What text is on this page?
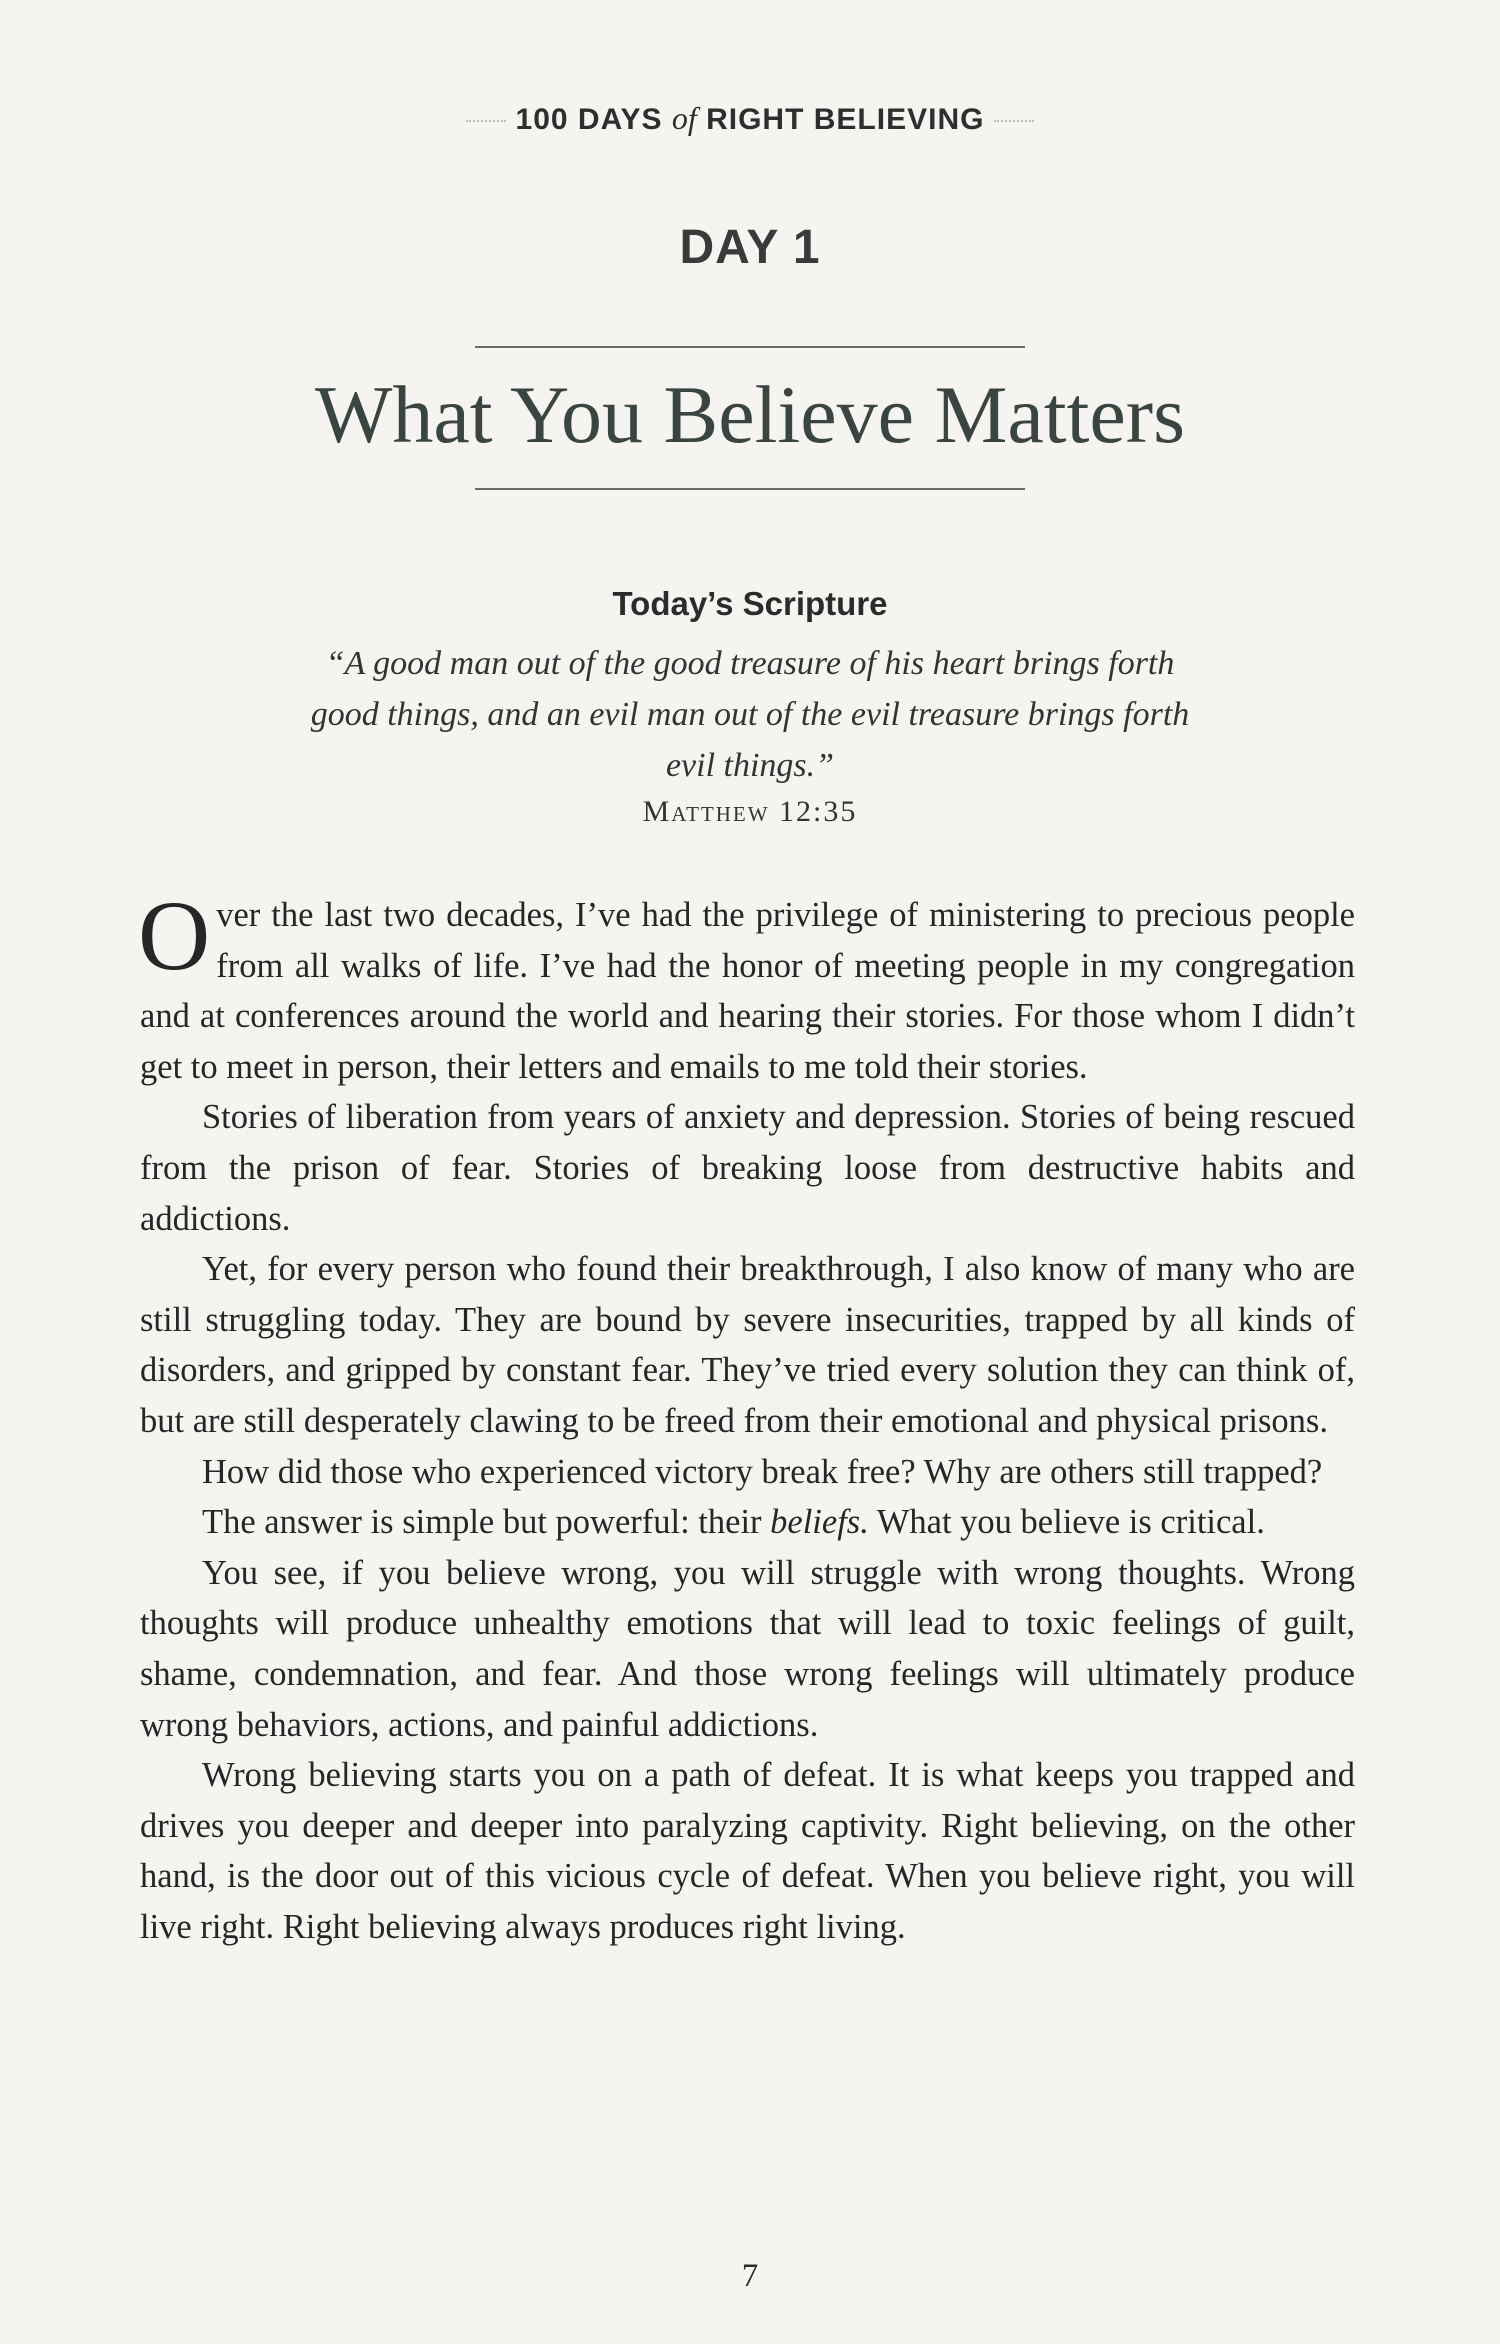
100 DAYS of RIGHT BELIEVING
DAY 1
What You Believe Matters
Today’s Scripture
“A good man out of the good treasure of his heart brings forth good things, and an evil man out of the evil treasure brings forth evil things.”
Matthew 12:35

Over the last two decades, I’ve had the privilege of ministering to precious people from all walks of life. I’ve had the honor of meeting people in my congregation and at conferences around the world and hearing their stories. For those whom I didn’t get to meet in person, their letters and emails to me told their stories.

Stories of liberation from years of anxiety and depression. Stories of being rescued from the prison of fear. Stories of breaking loose from destructive habits and addictions.

Yet, for every person who found their breakthrough, I also know of many who are still struggling today. They are bound by severe insecurities, trapped by all kinds of disorders, and gripped by constant fear. They’ve tried every solution they can think of, but are still desperately clawing to be freed from their emotional and physical prisons.

How did those who experienced victory break free? Why are others still trapped?

The answer is simple but powerful: their beliefs. What you believe is critical.

You see, if you believe wrong, you will struggle with wrong thoughts. Wrong thoughts will produce unhealthy emotions that will lead to toxic feelings of guilt, shame, condemnation, and fear. And those wrong feelings will ultimately produce wrong behaviors, actions, and painful addictions.

Wrong believing starts you on a path of defeat. It is what keeps you trapped and drives you deeper and deeper into paralyzing captivity. Right believing, on the other hand, is the door out of this vicious cycle of defeat. When you believe right, you will live right. Right believing always produces right living.

7
